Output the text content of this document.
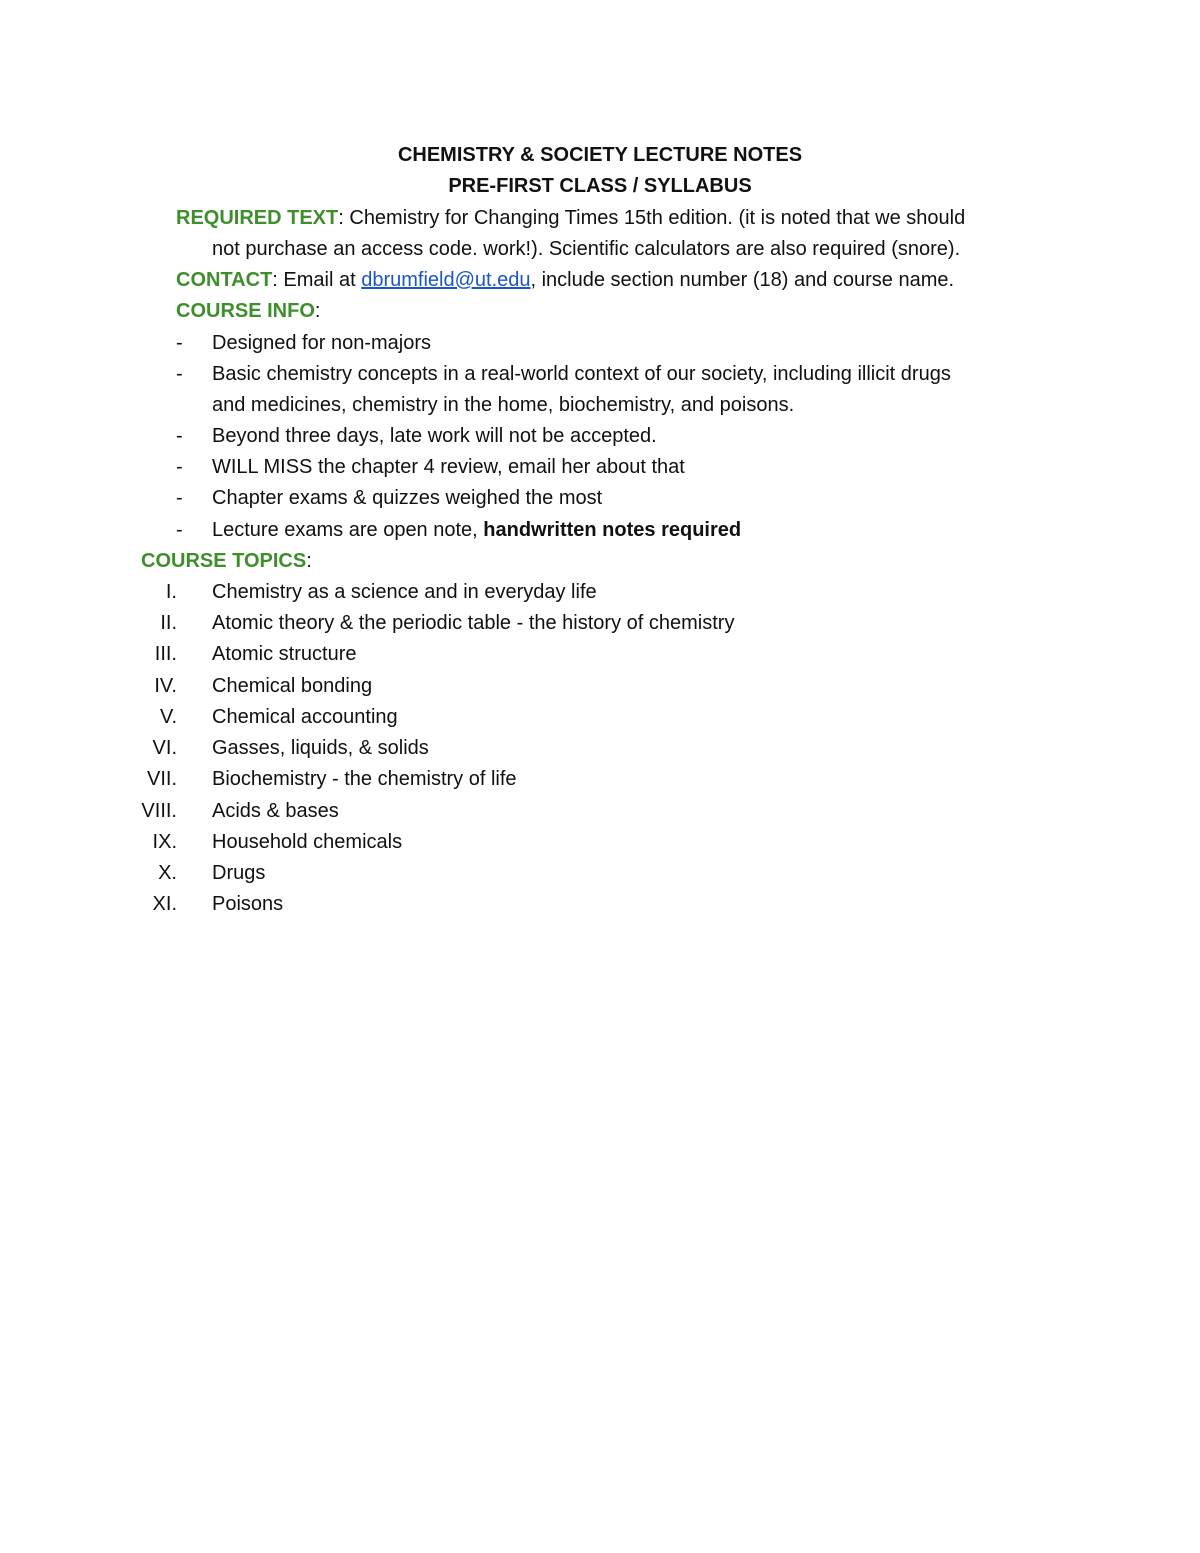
CHEMISTRY & SOCIETY LECTURE NOTES
PRE-FIRST CLASS / SYLLABUS
REQUIRED TEXT: Chemistry for Changing Times 15th edition. (it is noted that we should
not purchase an access code. work!). Scientific calculators are also required (snore).
CONTACT: Email at dbrumfield@ut.edu, include section number (18) and course name.
COURSE INFO:
-	Designed for non-majors
-	Basic chemistry concepts in a real-world context of our society, including illicit drugs
and medicines, chemistry in the home, biochemistry, and poisons.
-	Beyond three days, late work will not be accepted.
-	WILL MISS the chapter 4 review, email her about that
-	Chapter exams & quizzes weighed the most
-	Lecture exams are open note, handwritten notes required
COURSE TOPICS:
I. Chemistry as a science and in everyday life
II. Atomic theory & the periodic table - the history of chemistry
III. Atomic structure
IV. Chemical bonding
V. Chemical accounting
VI. Gasses, liquids, & solids
VII. Biochemistry - the chemistry of life
VIII. Acids & bases
IX. Household chemicals
X. Drugs
XI. Poisons
